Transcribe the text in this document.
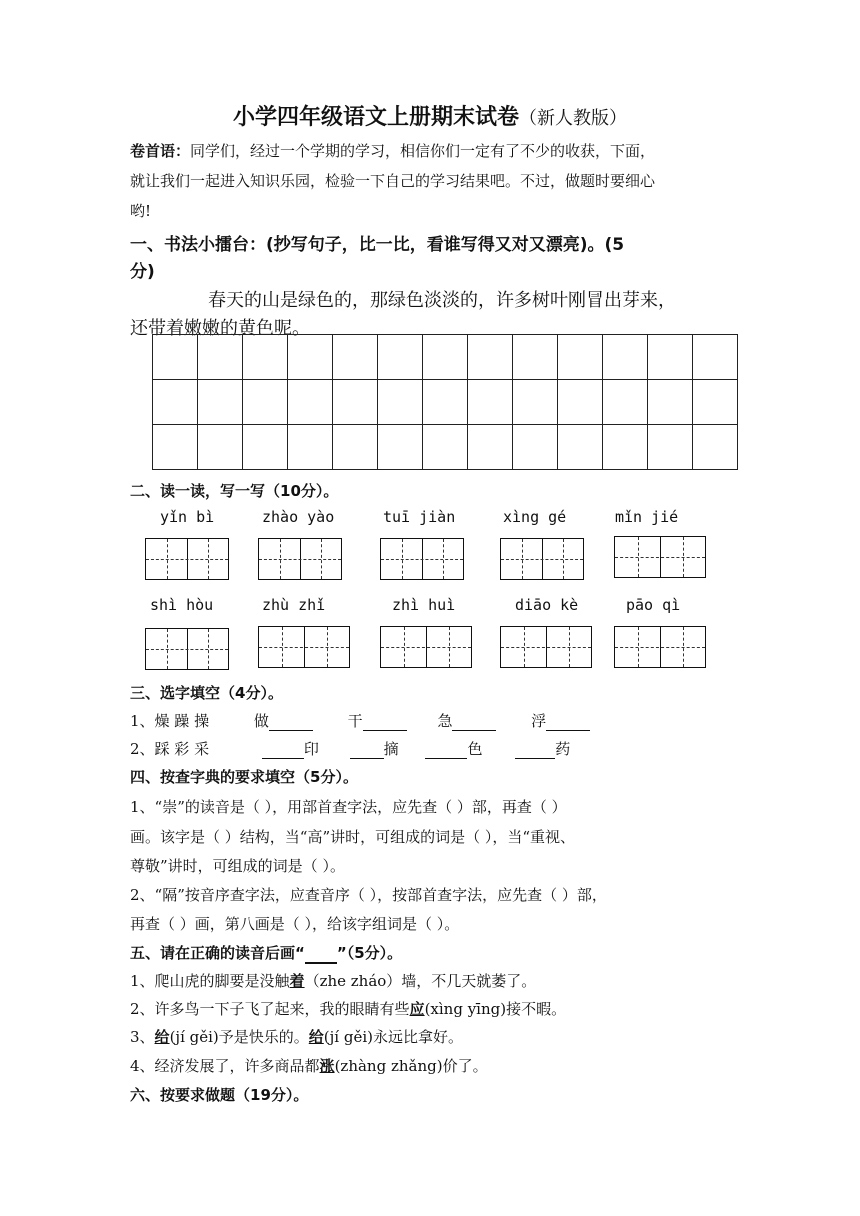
小学四年级语文上册期末试卷（新人教版）
卷首语：同学们，经过一个学期的学习，相信你们一定有了不少的收获，下面，
就让我们一起进入知识乐园，检验一下自己的学习结果吧。不过，做题时要细心
哟!
一、书法小擂台：(抄写句子，比一比，看谁写得又对又漂亮)。(5
分)
春天的山是绿色的，那绿色淡淡的，许多树叶刚冒出芽来，
还带着嫩嫩的黄色呢。

二、读一读，写一写（10分）。
yǐn bì	zhào yào	tuī jiàn	xìng gé	mǐn jié
shì hòu	zhù zhǐ	zhì huì	diāo kè	pāo qì
三、选字填空（4分）。
1、燥 躁 操	做	干	急	浮
2、踩 彩 采	印	摘	色	药
四、按查字典的要求填空（5分）。
1、“崇”的读音是（ ），用部首查字法，应先查（ ）部，再查（ ）
画。该字是（ ）结构，当“高”讲时，可组成的词是（ ），当“重视、
尊敬”讲时，可组成的词是（ ）。
2、“隔”按音序查字法，应查音序（ ），按部首查字法，应先查（ ）部，
再查（ ）画，第八画是（ ），给该字组词是（ ）。
五、请在正确的读音后画“ ”（5分）。
1、爬山虎的脚要是没触着（zhe zháo）墙，不几天就萎了。
2、许多鸟一下子飞了起来，我的眼睛有些应(xìng yīng)接不暇。
3、给(jí gěi)予是快乐的。给(jí gěi)永远比拿好。
4、经济发展了，许多商品都涨(zhàng zhǎng)价了。
六、按要求做题（19分）。
